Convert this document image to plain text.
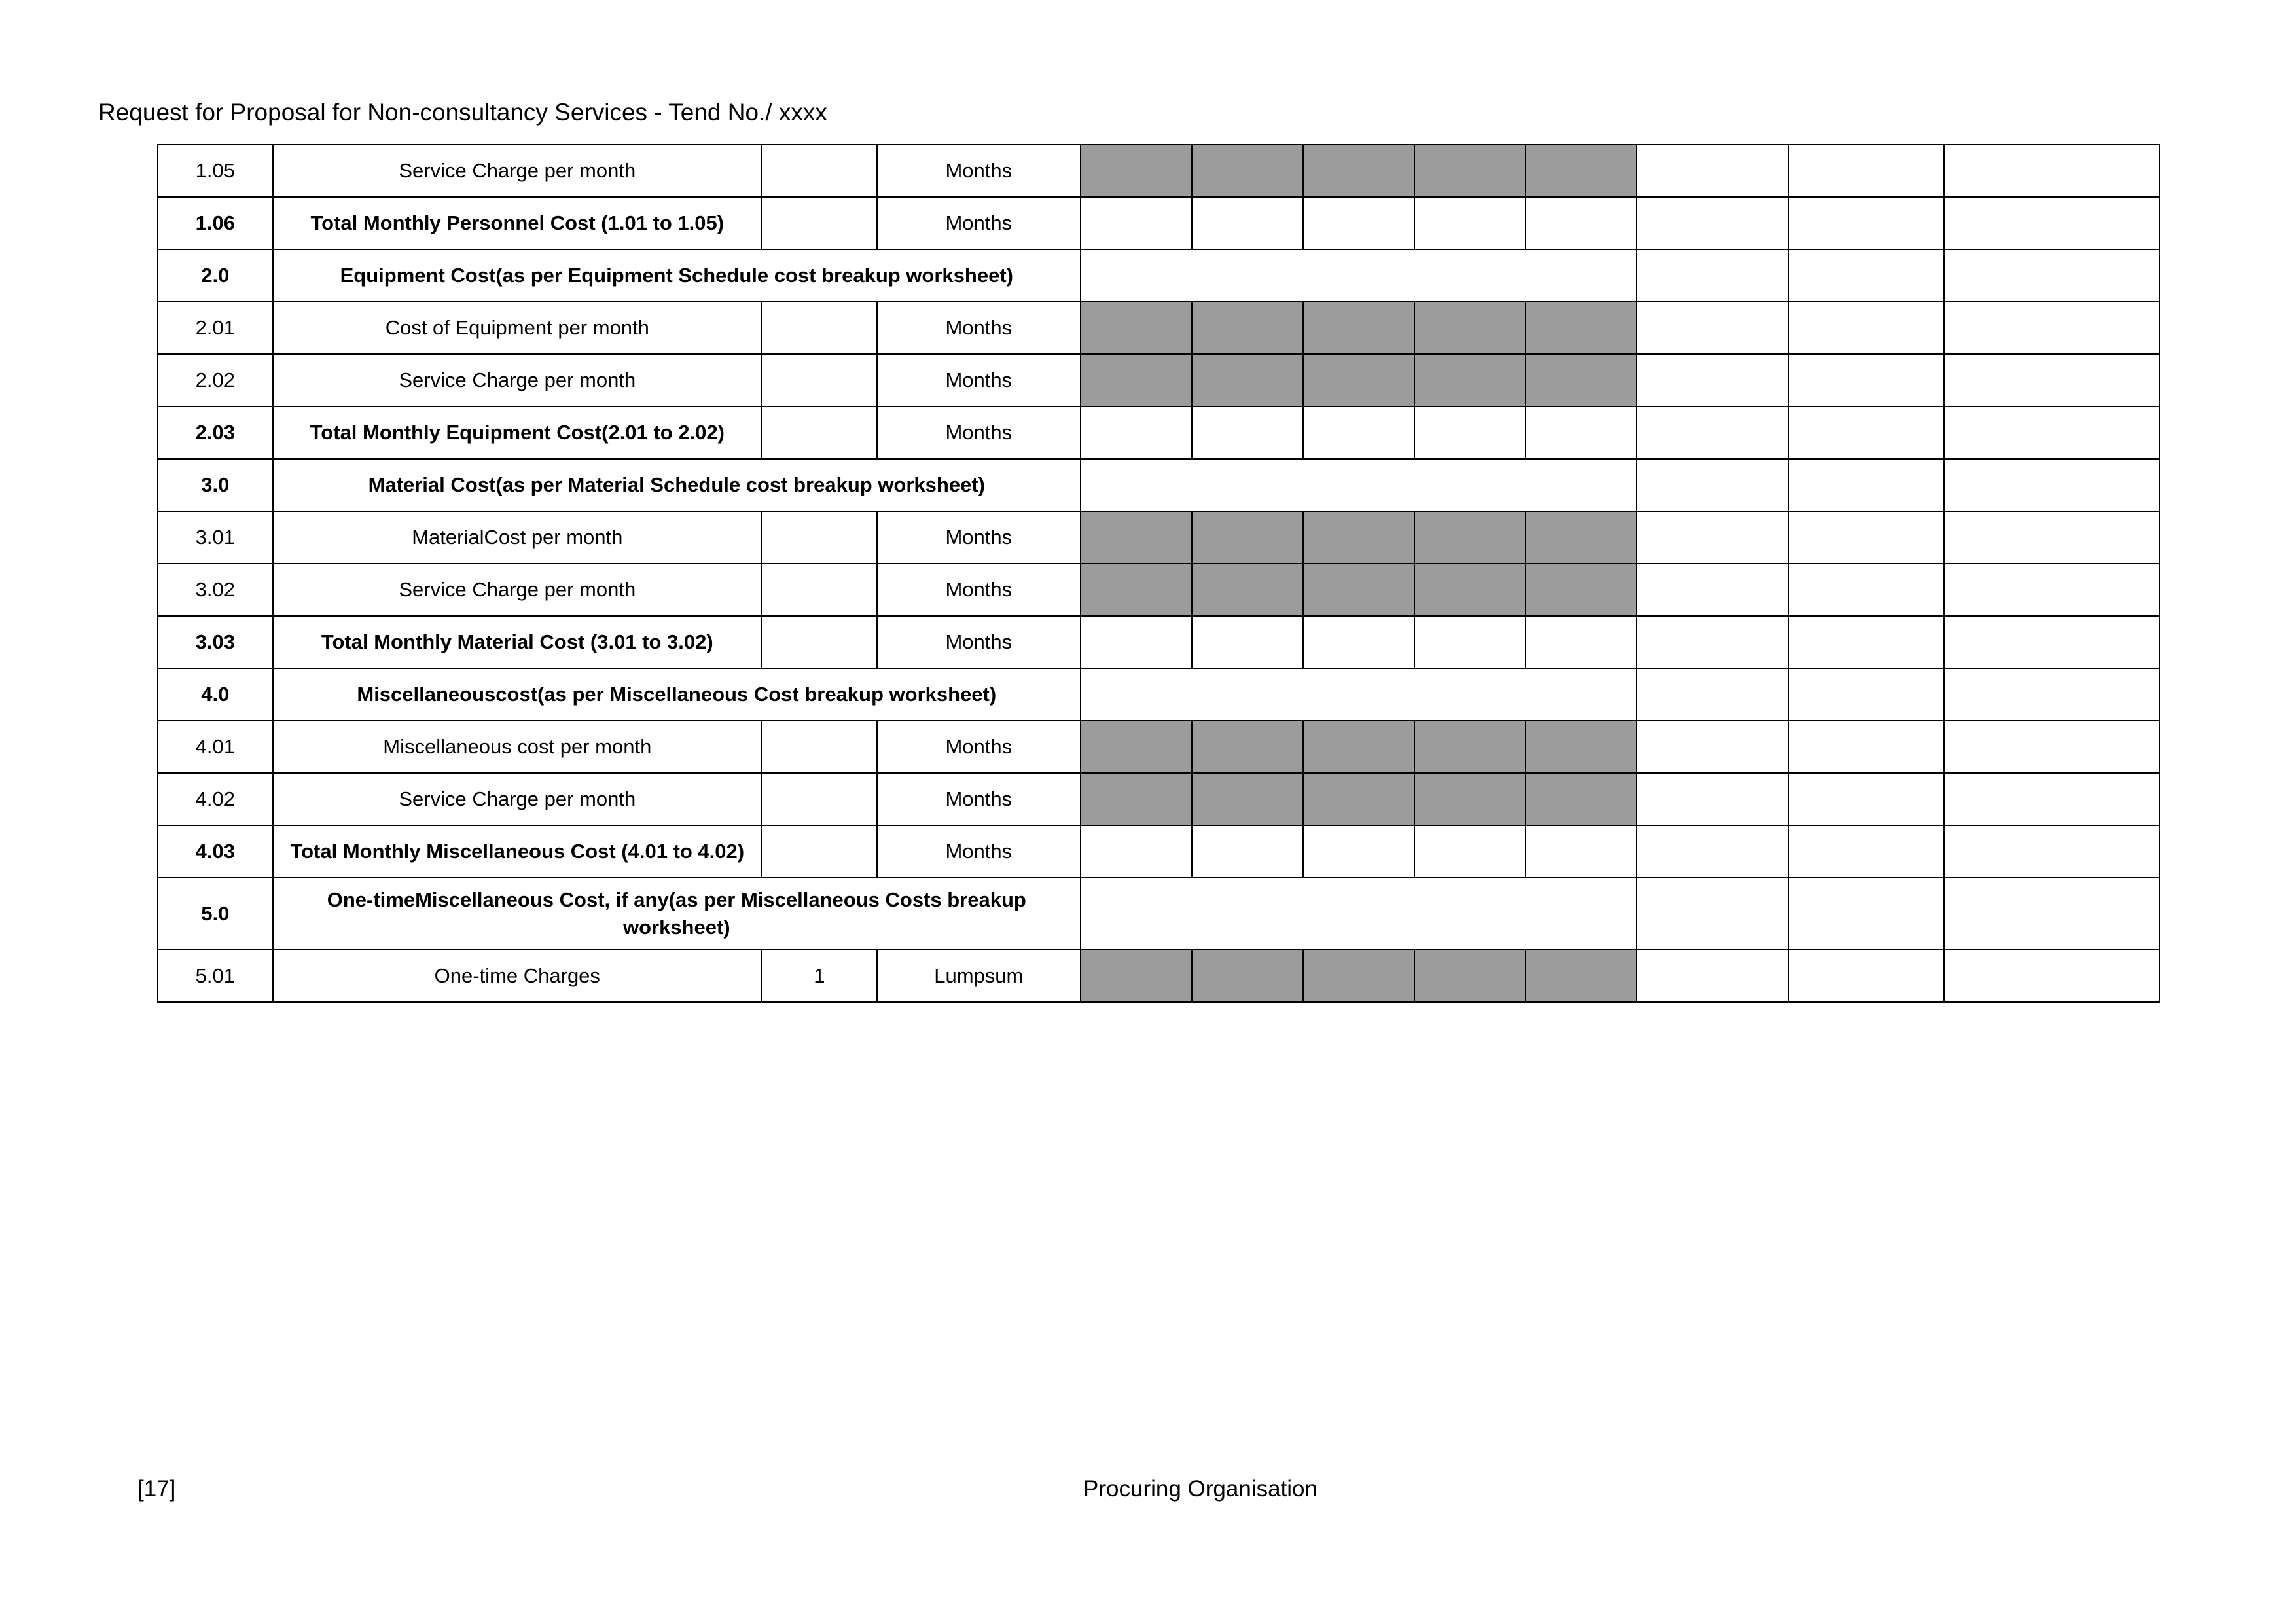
Request for Proposal for Non-consultancy Services - Tend No./ xxxx
1.05	Service Charge per month		Months								
1.06	Total Monthly Personnel Cost (1.01 to 1.05)		Months								
2.0	Equipment Cost(as per Equipment Schedule cost breakup worksheet)										
2.01	Cost of Equipment per month		Months								
2.02	Service Charge per month		Months								
2.03	Total Monthly Equipment Cost(2.01 to 2.02)		Months								
3.0	Material Cost(as per Material Schedule cost breakup worksheet)										
3.01	MaterialCost per month		Months								
3.02	Service Charge per month		Months								
3.03	Total Monthly Material Cost (3.01 to 3.02)		Months								
4.0	Miscellaneouscost(as per Miscellaneous Cost breakup worksheet)										
4.01	Miscellaneous cost per month		Months								
4.02	Service Charge per month		Months								
4.03	Total Monthly Miscellaneous Cost (4.01 to 4.02)		Months								
5.0	One-timeMiscellaneous Cost, if any(as per Miscellaneous Costs breakup worksheet)										
5.01	One-time Charges	1	Lumpsum								
[17]	Procuring Organisation
